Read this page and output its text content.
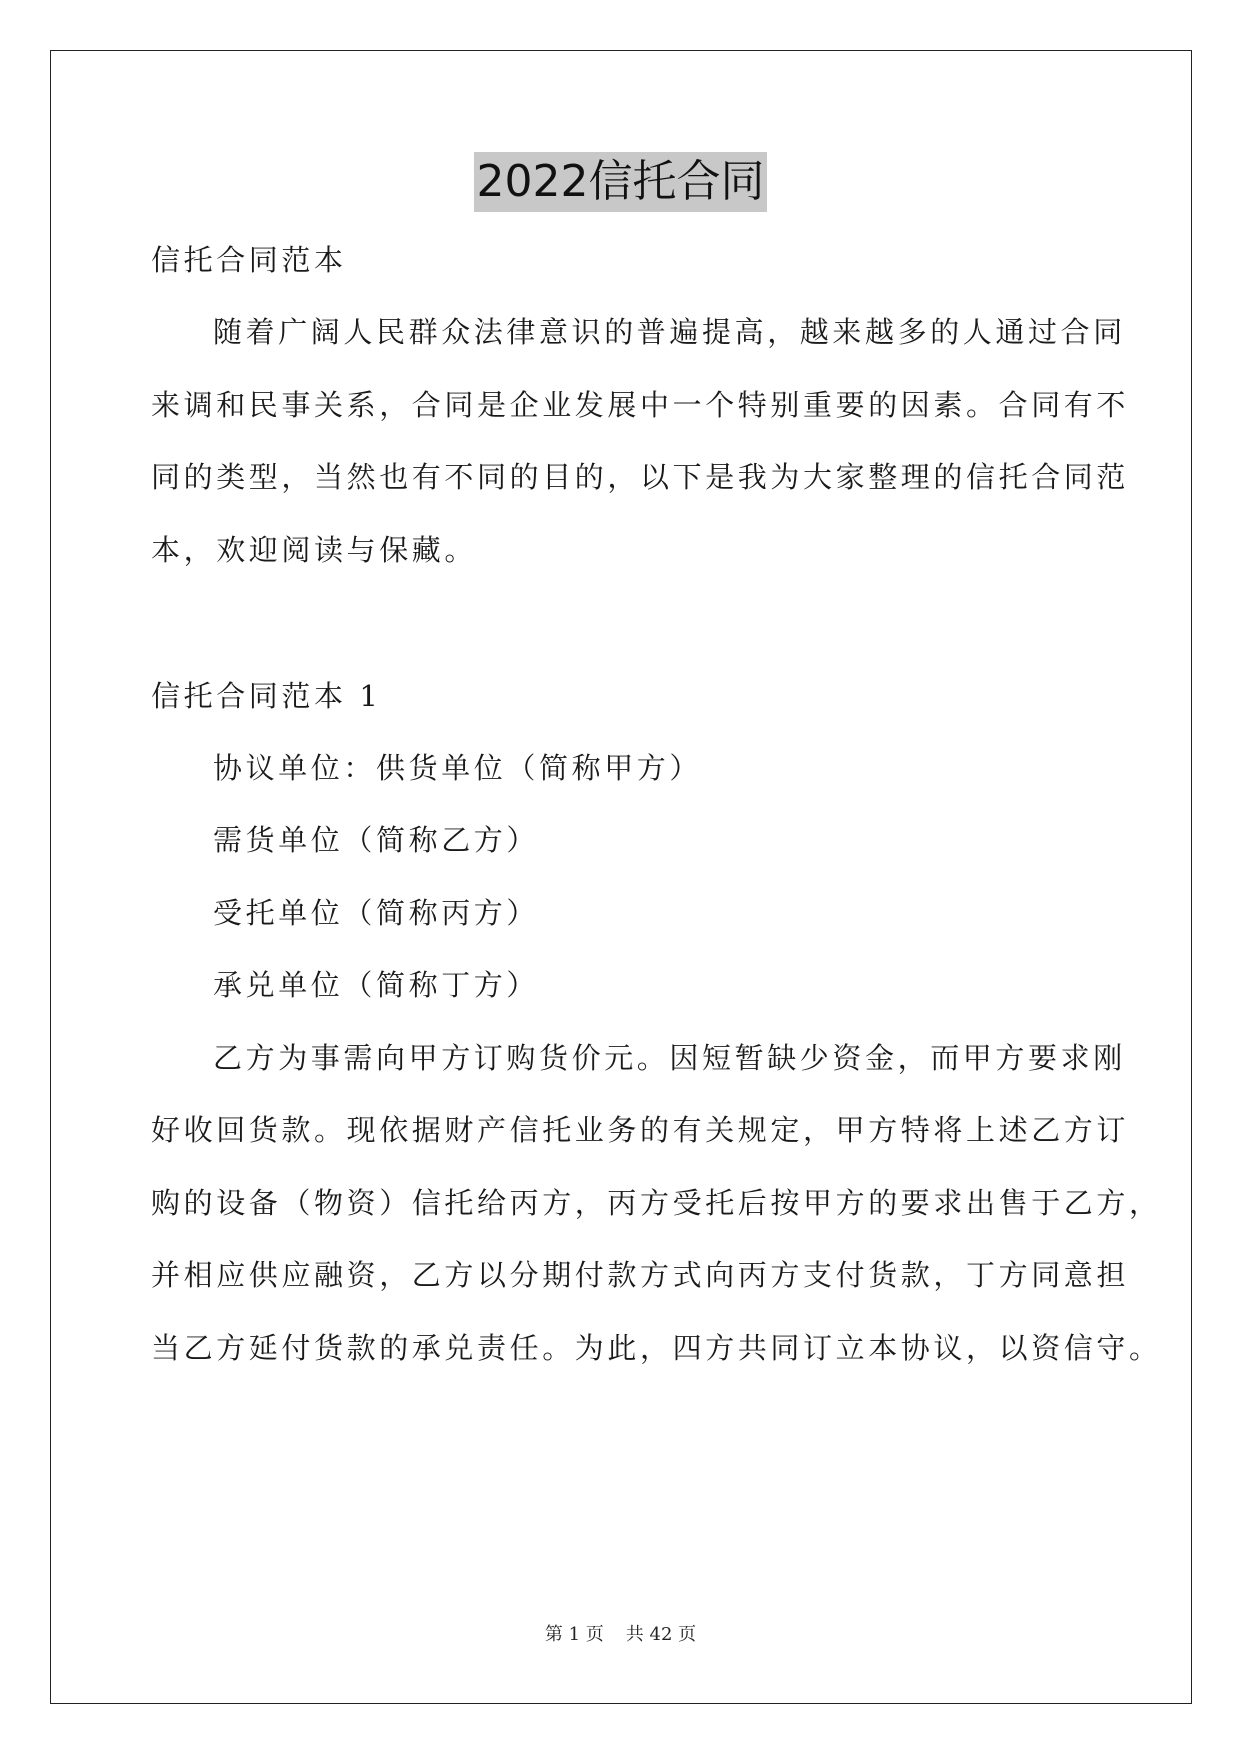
2022信托合同
信托合同范本
随着广阔人民群众法律意识的普遍提高，越来越多的人通过合同
来调和民事关系，合同是企业发展中一个特别重要的因素。合同有不
同的类型，当然也有不同的目的，以下是我为大家整理的信托合同范
本，欢迎阅读与保藏。
信托合同范本 1
协议单位：供货单位（简称甲方）
需货单位（简称乙方）
受托单位（简称丙方）
承兑单位（简称丁方）
乙方为事需向甲方订购货价元。因短暂缺少资金，而甲方要求刚
好收回货款。现依据财产信托业务的有关规定，甲方特将上述乙方订
购的设备（物资）信托给丙方，丙方受托后按甲方的要求出售于乙方，
并相应供应融资，乙方以分期付款方式向丙方支付货款，丁方同意担
当乙方延付货款的承兑责任。为此，四方共同订立本协议，以资信守。
第 1 页 共 42 页
